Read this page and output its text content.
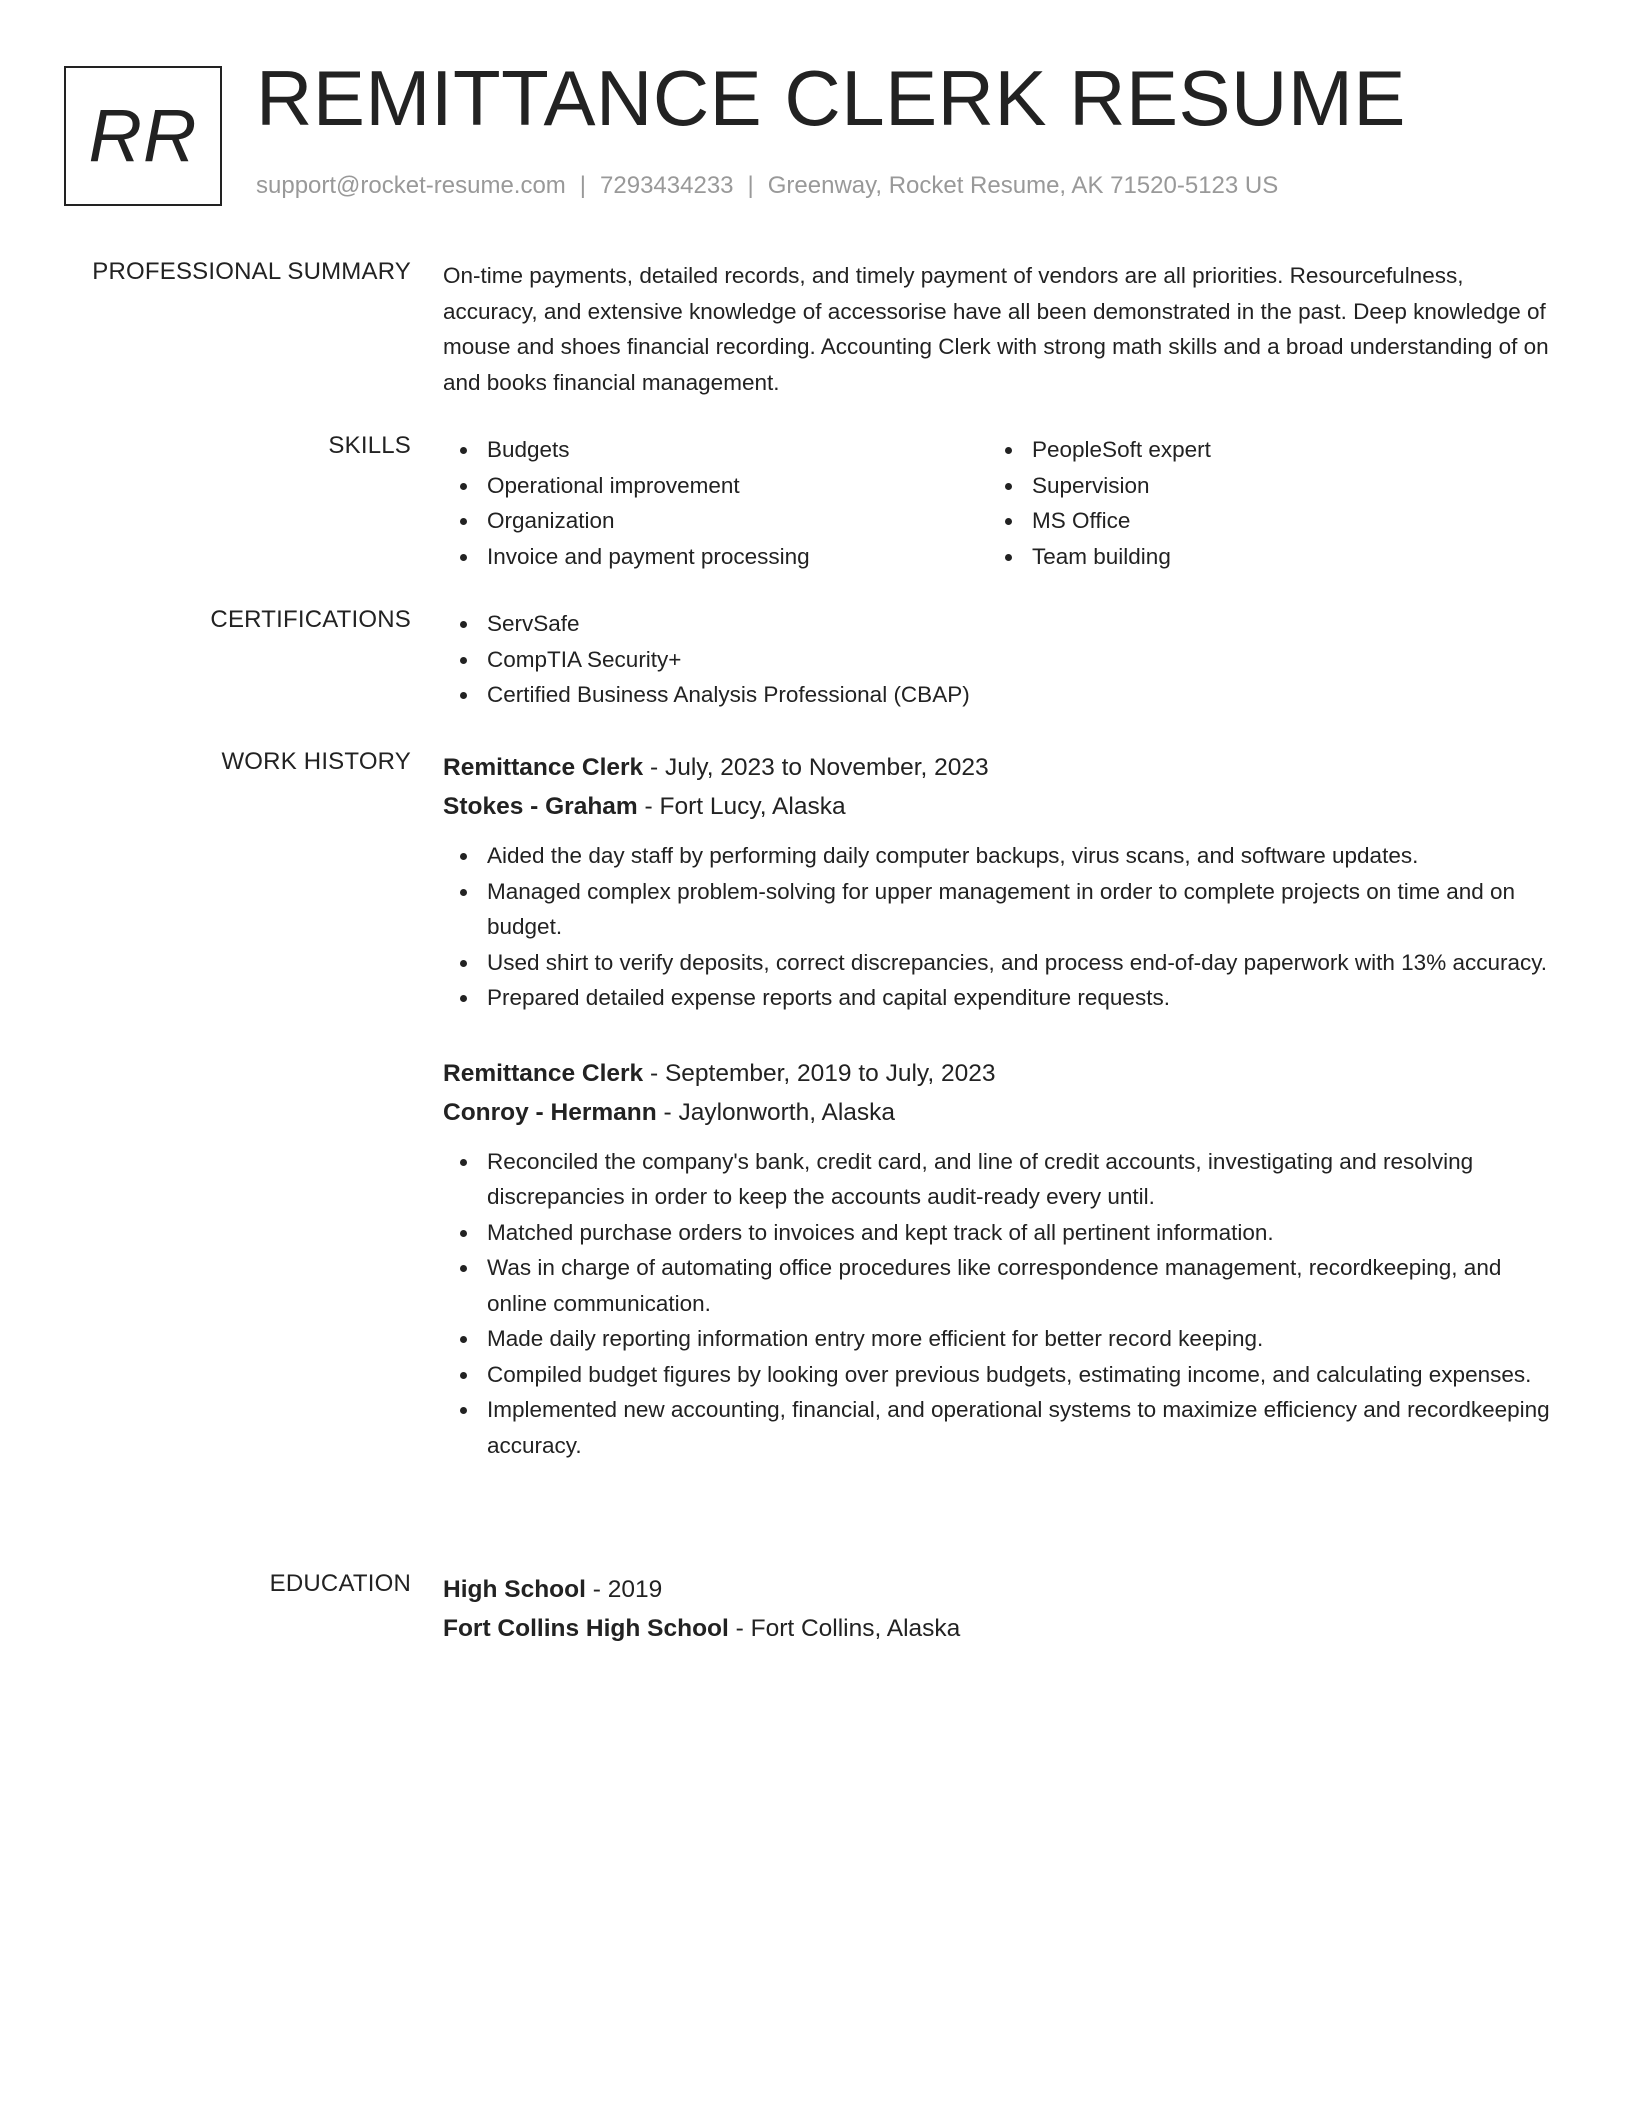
RR REMITTANCE CLERK RESUME
support@rocket-resume.com | 7293434233 | Greenway, Rocket Resume, AK 71520-5123 US
PROFESSIONAL SUMMARY On-time payments, detailed records, and timely payment of vendors are all priorities. Resourcefulness, accuracy, and extensive knowledge of accessorise have all been demonstrated in the past. Deep knowledge of mouse and shoes financial recording. Accounting Clerk with strong math skills and a broad understanding of on and books financial management.

SKILLS	Budgets
Operational improvement
Organization
Invoice and payment processing
PeopleSoft expert
Supervision
MS Office
Team building
CERTIFICATIONS	ServSafe
CompTIA Security+
Certified Business Analysis Professional (CBAP)
WORK HISTORY Remittance Clerk - July, 2023 to November, 2023
Stokes - Graham - Fort Lucy, Alaska
Aided the day staff by performing daily computer backups, virus scans, and software updates.
Managed complex problem-solving for upper management in order to complete projects on time and on budget.
Used shirt to verify deposits, correct discrepancies, and process end-of-day paperwork with 13% accuracy.
Prepared detailed expense reports and capital expenditure requests.
Remittance Clerk - September, 2019 to July, 2023
Conroy - Hermann - Jaylonworth, Alaska
Reconciled the company's bank, credit card, and line of credit accounts, investigating and resolving discrepancies in order to keep the accounts audit-ready every until.
Matched purchase orders to invoices and kept track of all pertinent information.
Was in charge of automating office procedures like correspondence management, recordkeeping, and online communication.
Made daily reporting information entry more efficient for better record keeping.
Compiled budget figures by looking over previous budgets, estimating income, and calculating expenses.
Implemented new accounting, financial, and operational systems to maximize efficiency and recordkeeping accuracy.
EDUCATION High School - 2019
Fort Collins High School - Fort Collins, Alaska
